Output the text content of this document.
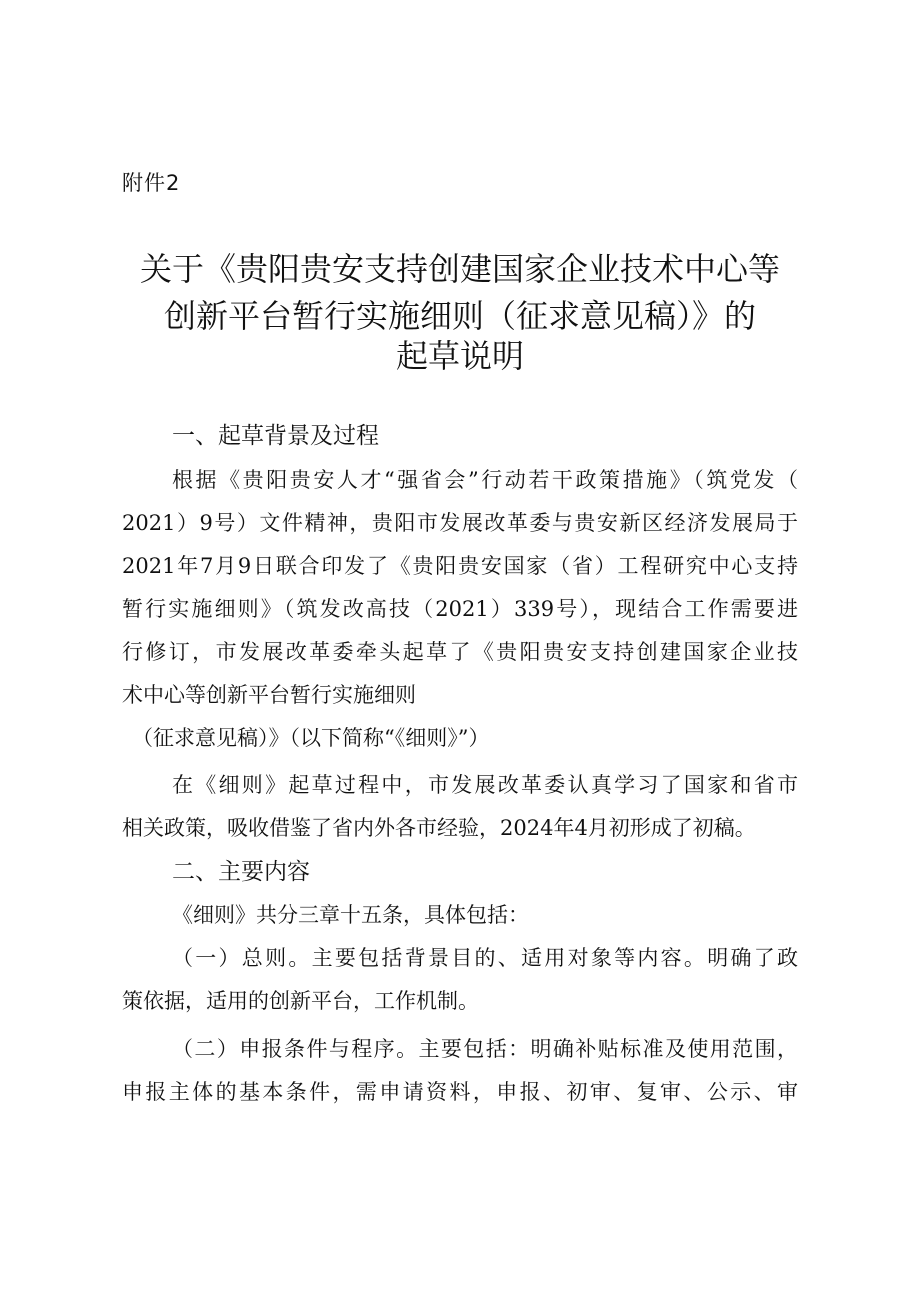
附件2
关于《贵阳贵安支持创建国家企业技术中心等
创新平台暂行实施细则（征求意见稿）》的
起草说明
一、起草背景及过程
根据《贵阳贵安人才“强省会”行动若干政策措施》（筑党发（
2021）9号）文件精神，贵阳市发展改革委与贵安新区经济发展局于
2021年7月9日联合印发了《贵阳贵安国家（省）工程研究中心支持
暂行实施细则》（筑发改高技（2021）339号），现结合工作需要进
行修订，市发展改革委牵头起草了《贵阳贵安支持创建国家企业技
术中心等创新平台暂行实施细则
（征求意见稿）》（以下简称“《细则》”）
在《细则》起草过程中，市发展改革委认真学习了国家和省市
相关政策，吸收借鉴了省内外各市经验，2024年4月初形成了初稿。
二、主要内容
《细则》共分三章十五条，具体包括：
（一）总则。主要包括背景目的、适用对象等内容。明确了政
策依据，适用的创新平台，工作机制。
（二）申报条件与程序。主要包括：明确补贴标准及使用范围，
申报主体的基本条件，需申请资料，申报、初审、复审、公示、审
